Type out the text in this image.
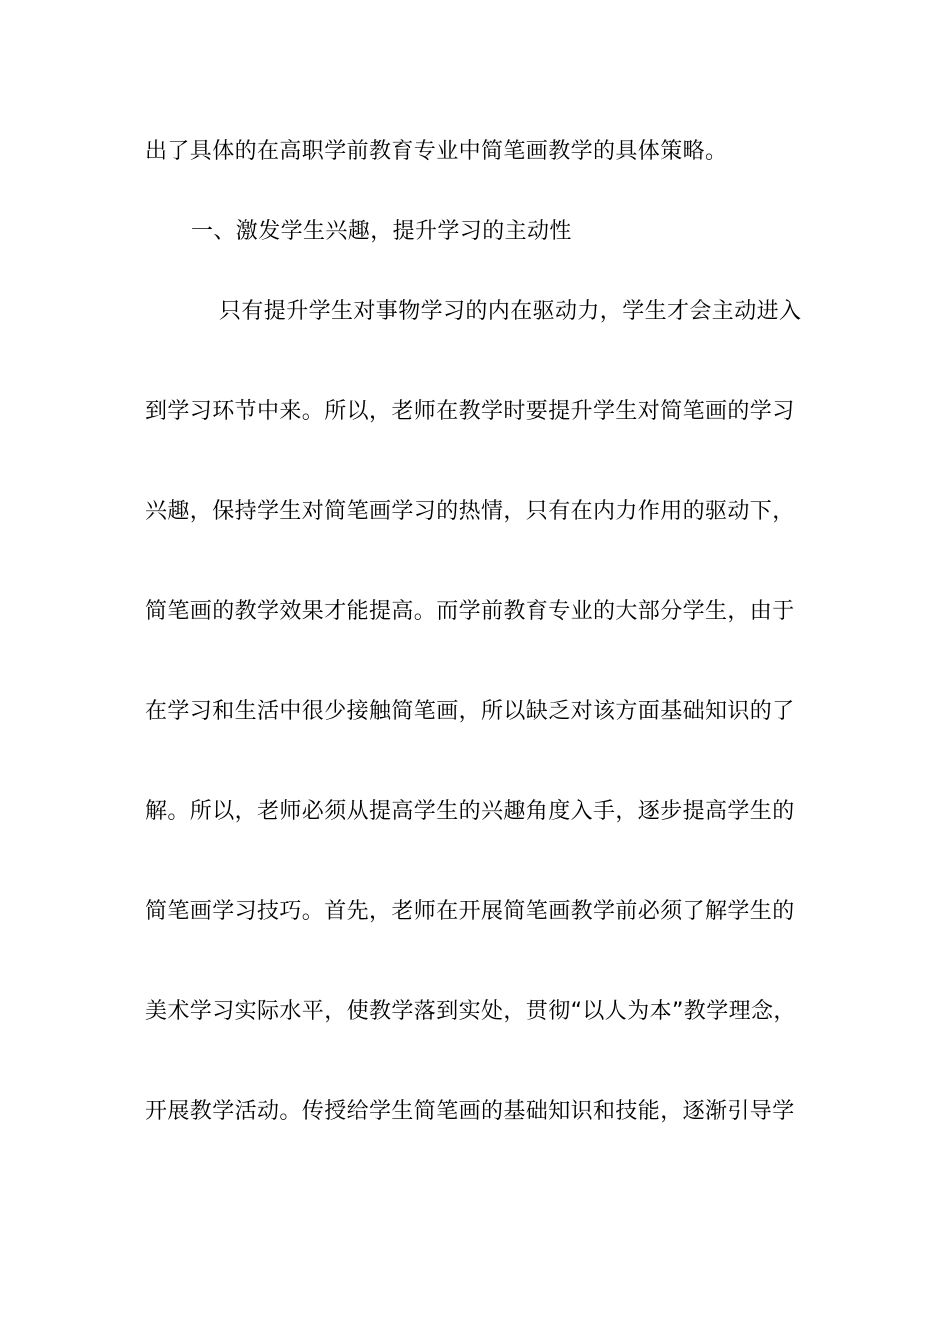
出了具体的在高职学前教育专业中简笔画教学的具体策略。
一、激发学生兴趣，提升学习的主动性
只有提升学生对事物学习的内在驱动力，学生才会主动进入
到学习环节中来。所以，老师在教学时要提升学生对简笔画的学习
兴趣，保持学生对简笔画学习的热情，只有在内力作用的驱动下，
简笔画的教学效果才能提高。而学前教育专业的大部分学生，由于
在学习和生活中很少接触简笔画，所以缺乏对该方面基础知识的了
解。所以，老师必须从提高学生的兴趣角度入手，逐步提高学生的
简笔画学习技巧。首先，老师在开展简笔画教学前必须了解学生的
美术学习实际水平，使教学落到实处，贯彻“以人为本”教学理念，
开展教学活动。传授给学生简笔画的基础知识和技能，逐渐引导学
